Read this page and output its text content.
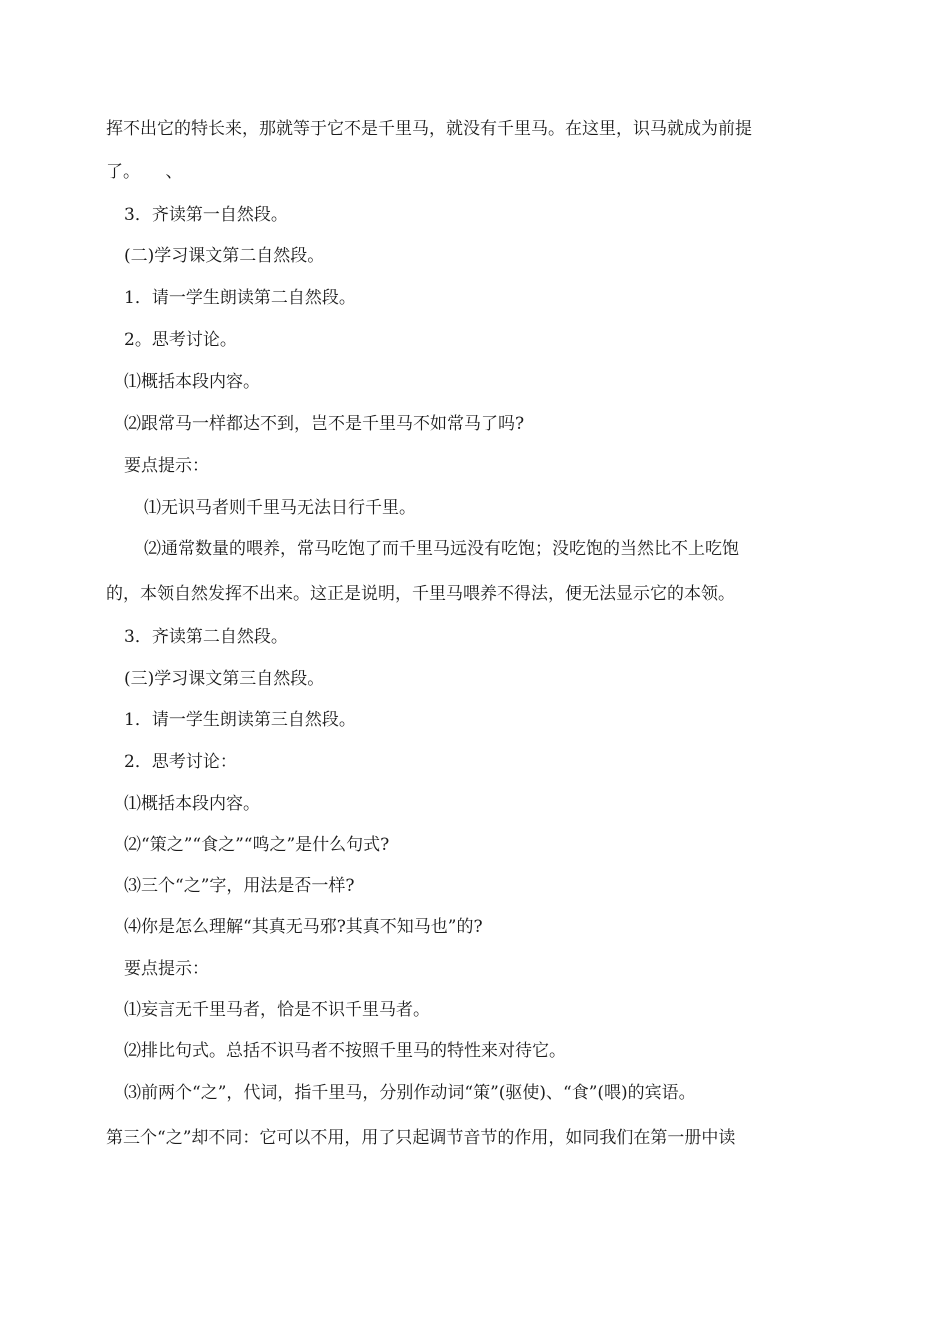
挥不出它的特长来，那就等于它不是千里马，就没有千里马。在这里，识马就成为前提
了。　　、
3．齐读第一自然段。
(二)学习课文第二自然段。
1．请一学生朗读第二自然段。
2。思考讨论。
⑴概括本段内容。
⑵跟常马一样都达不到，岂不是千里马不如常马了吗?
要点提示：
⑴无识马者则千里马无法日行千里。
⑵通常数量的喂养，常马吃饱了而千里马远没有吃饱；没吃饱的当然比不上吃饱
的，本领自然发挥不出来。这正是说明，千里马喂养不得法，便无法显示它的本领。
3．齐读第二自然段。
(三)学习课文第三自然段。
1．请一学生朗读第三自然段。
2．思考讨论：
⑴概括本段内容。
⑵“策之”“食之”“鸣之”是什么句式?
⑶三个“之”字，用法是否一样?
⑷你是怎么理解“其真无马邪?其真不知马也”的?
要点提示：
⑴妄言无千里马者，恰是不识千里马者。
⑵排比句式。总括不识马者不按照千里马的特性来对待它。
⑶前两个“之”，代词，指千里马，分别作动词“策”(驱使)、“食”(喂)的宾语。
第三个“之”却不同：它可以不用，用了只起调节音节的作用，如同我们在第一册中读
